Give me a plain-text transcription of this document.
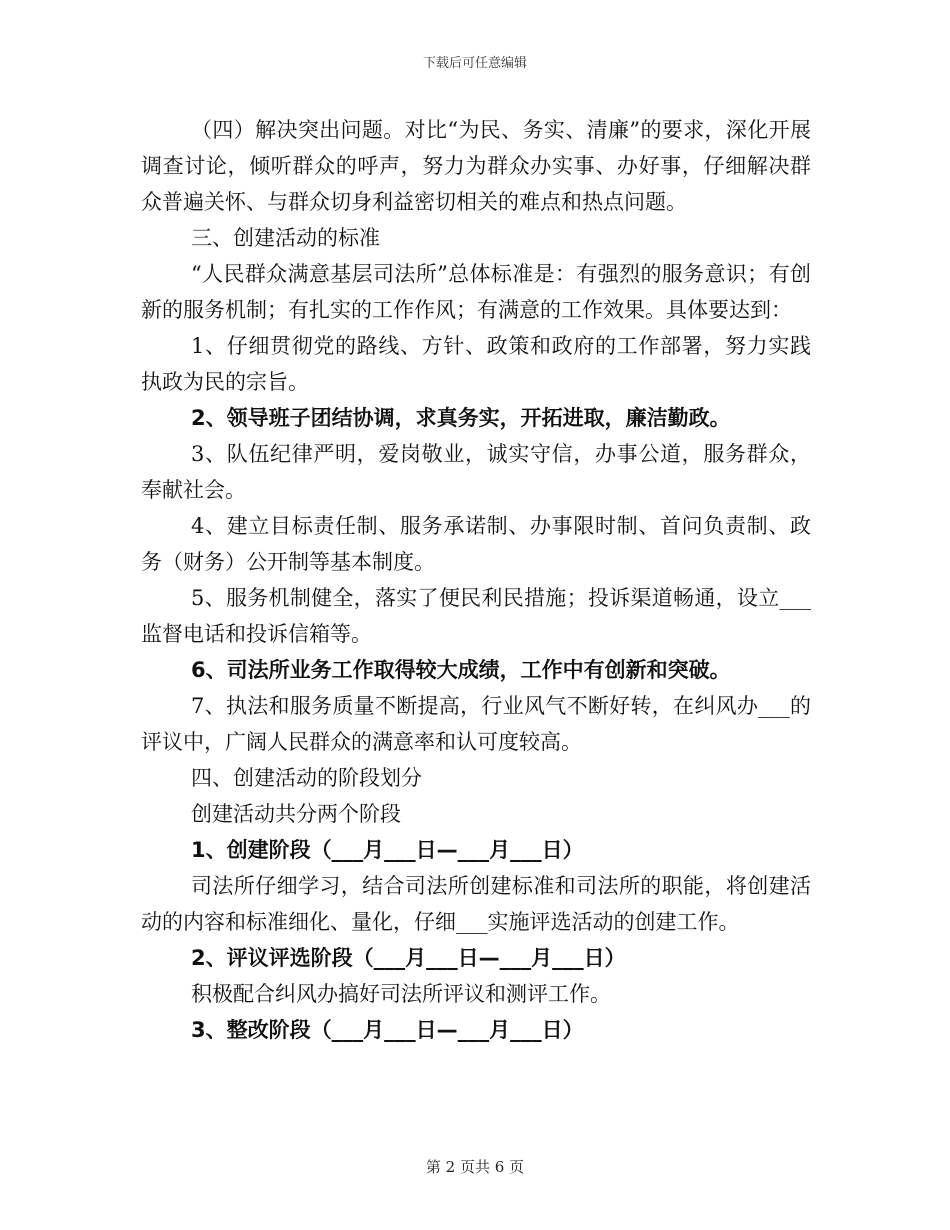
下载后可任意编辑

（四）解决突出问题。对比“为民、务实、清廉”的要求，深化开展调查讨论，倾听群众的呼声，努力为群众办实事、办好事，仔细解决群众普遍关怀、与群众切身利益密切相关的难点和热点问题。

三、创建活动的标准

“人民群众满意基层司法所”总体标准是：有强烈的服务意识；有创新的服务机制；有扎实的工作作风；有满意的工作效果。具体要达到：

1、仔细贯彻党的路线、方针、政策和政府的工作部署，努力实践执政为民的宗旨。

2、领导班子团结协调，求真务实，开拓进取，廉洁勤政。

3、队伍纪律严明，爱岗敬业，诚实守信，办事公道，服务群众，奉献社会。

4、建立目标责任制、服务承诺制、办事限时制、首问负责制、政务（财务）公开制等基本制度。

5、服务机制健全，落实了便民利民措施；投诉渠道畅通，设立___监督电话和投诉信箱等。

6、司法所业务工作取得较大成绩，工作中有创新和突破。

7、执法和服务质量不断提高，行业风气不断好转，在纠风办___的评议中，广阔人民群众的满意率和认可度较高。

四、创建活动的阶段划分

创建活动共分两个阶段

1、创建阶段（___月___日—___月___日）

司法所仔细学习，结合司法所创建标准和司法所的职能，将创建活动的内容和标准细化、量化，仔细___实施评选活动的创建工作。

2、评议评选阶段（___月___日—___月___日）

积极配合纠风办搞好司法所评议和测评工作。

3、整改阶段（___月___日—___月___日）

第 2 页共 6 页
